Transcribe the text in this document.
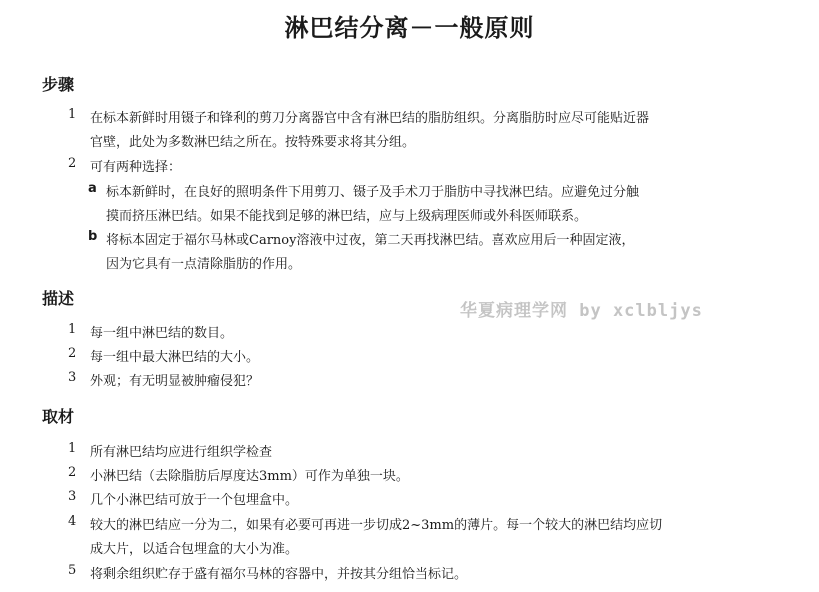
淋巴结分离－一般原则
步骤
1 在标本新鲜时用镊子和锋利的剪刀分离器官中含有淋巴结的脂肪组织。分离脂肪时应尽可能贴近器
官壁，此处为多数淋巴结之所在。按特殊要求将其分组。
2 可有两种选择：
a 标本新鲜时，在良好的照明条件下用剪刀、镊子及手术刀于脂肪中寻找淋巴结。应避免过分触
摸而挤压淋巴结。如果不能找到足够的淋巴结，应与上级病理医师或外科医师联系。
b 将标本固定于福尔马林或Carnoy溶液中过夜，第二天再找淋巴结。喜欢应用后一种固定液，
因为它具有一点清除脂肪的作用。
描述
1 每一组中淋巴结的数目。
2 每一组中最大淋巴结的大小。
3 外观；有无明显被肿瘤侵犯？
取材
1 所有淋巴结均应进行组织学检查
2 小淋巴结（去除脂肪后厚度达3mm）可作为单独一块。
3 几个小淋巴结可放于一个包埋盒中。
4 较大的淋巴结应一分为二，如果有必要可再进一步切成2~3mm的薄片。每一个较大的淋巴结均应切
成大片，以适合包埋盒的大小为准。
5 将剩余组织贮存于盛有福尔马林的容器中，并按其分组恰当标记。
华夏病理学网 by xclbljys
